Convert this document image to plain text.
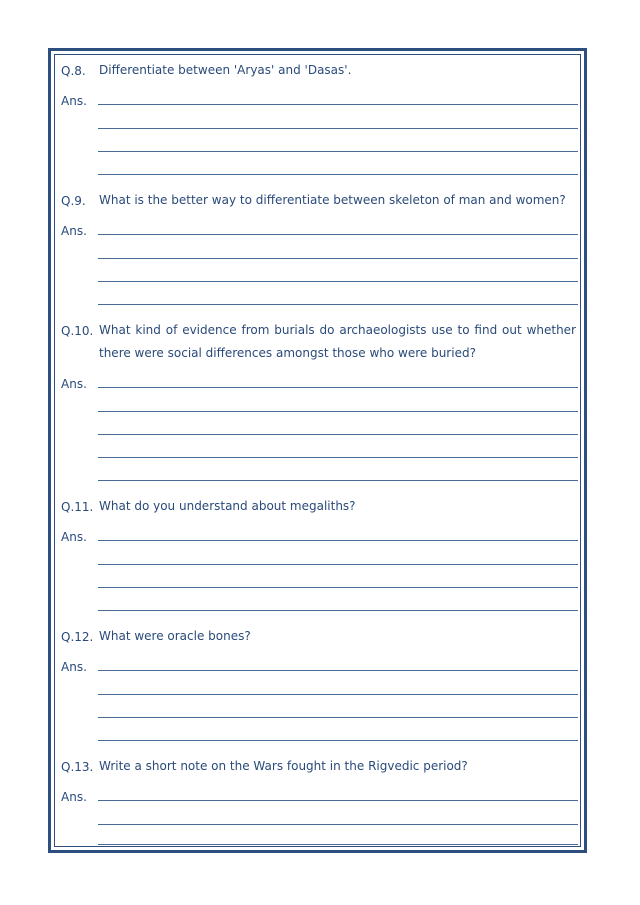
Q.8. Differentiate between 'Aryas' and 'Dasas'.
Ans.
Q.9. What is the better way to differentiate between skeleton of man and women?
Ans.
Q.10. What kind of evidence from burials do archaeologists use to find out whether there were social differences amongst those who were buried?
Ans.
Q.11. What do you understand about megaliths?
Ans.
Q.12. What were oracle bones?
Ans.
Q.13. Write a short note on the Wars fought in the Rigvedic period?
Ans.
